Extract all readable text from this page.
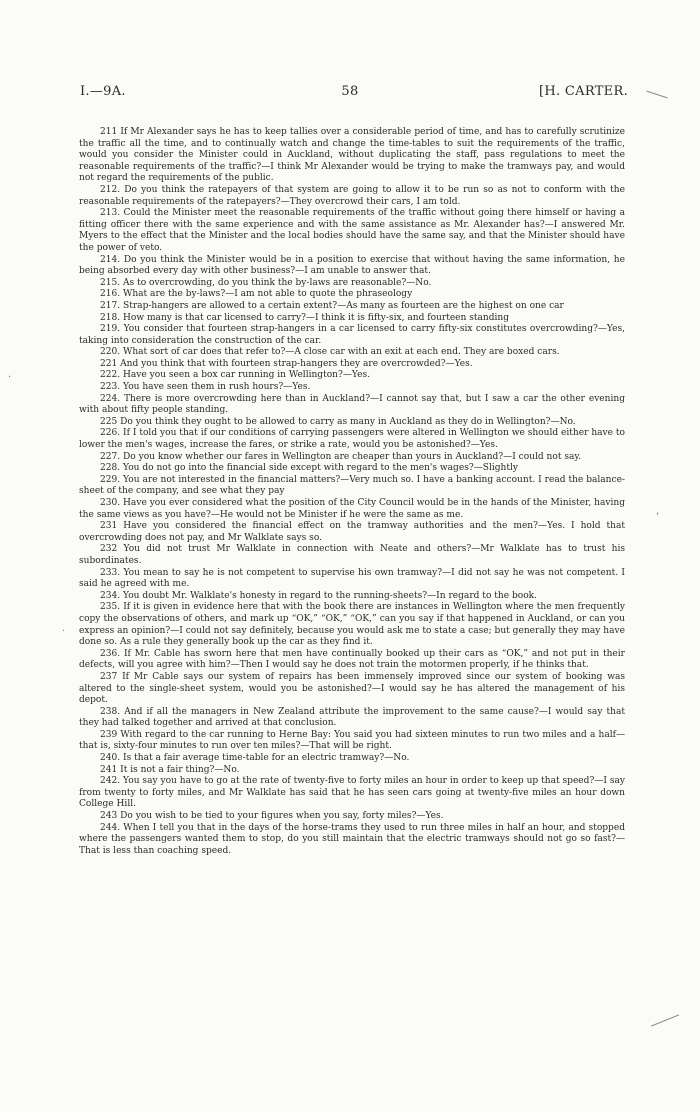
I.—9A.	58	[H. CARTER.

211 If Mr Alexander says he has to keep tallies over a considerable period of time, and has to carefully scrutinize the traffic all the time, and to continually watch and change the time-tables to suit the requirements of the traffic, would you consider the Minister could in Auckland, without duplicating the staff, pass regulations to meet the reasonable requirements of the traffic?—I think Mr Alexander would be trying to make the tramways pay, and would not regard the requirements of the public.

212. Do you think the ratepayers of that system are going to allow it to be run so as not to conform with the reasonable requirements of the ratepayers?—They overcrowd their cars, I am told.

213. Could the Minister meet the reasonable requirements of the traffic without going there himself or having a fitting officer there with the same experience and with the same assistance as Mr. Alexander has?—I answered Mr. Myers to the effect that the Minister and the local bodies should have the same say, and that the Minister should have the power of veto.

214. Do you think the Minister would be in a position to exercise that without having the same information, he being absorbed every day with other business?—I am unable to answer that.

215. As to overcrowding, do you think the by-laws are reasonable?—No.

216. What are the by-laws?—I am not able to quote the phraseology

217. Strap-hangers are allowed to a certain extent?—As many as fourteen are the highest on one car

218. How many is that car licensed to carry?—I think it is fifty-six, and fourteen standing

219. You consider that fourteen strap-hangers in a car licensed to carry fifty-six constitutes overcrowding?—Yes, taking into consideration the construction of the car.

220. What sort of car does that refer to?—A close car with an exit at each end. They are boxed cars.

221 And you think that with fourteen strap-hangers they are overcrowded?—Yes.

222. Have you seen a box car running in Wellington?—Yes.

223. You have seen them in rush hours?—Yes.

224. There is more overcrowding here than in Auckland?—I cannot say that, but I saw a car the other evening with about fifty people standing.

225 Do you think they ought to be allowed to carry as many in Auckland as they do in Wellington?—No.

226. If I told you that if our conditions of carrying passengers were altered in Wellington we should either have to lower the men's wages, increase the fares, or strike a rate, would you be astonished?—Yes.

227. Do you know whether our fares in Wellington are cheaper than yours in Auckland?—I could not say.

228. You do not go into the financial side except with regard to the men's wages?—Slightly

229. You are not interested in the financial matters?—Very much so. I have a banking account. I read the balance-sheet of the company, and see what they pay

230. Have you ever considered what the position of the City Council would be in the hands of the Minister, having the same views as you have?—He would not be Minister if he were the same as me.

231 Have you considered the financial effect on the tramway authorities and the men?—Yes. I hold that overcrowding does not pay, and Mr Walklate says so.

232 You did not trust Mr Walklate in connection with Neate and others?—Mr Walklate has to trust his subordinates.

233. You mean to say he is not competent to supervise his own tramway?—I did not say he was not competent. I said he agreed with me.

234. You doubt Mr. Walklate's honesty in regard to the running-sheets?—In regard to the book.

235. If it is given in evidence here that with the book there are instances in Wellington where the men frequently copy the observations of others, and mark up “OK,” “OK,” “OK,” can you say if that happened in Auckland, or can you express an opinion?—I could not say definitely, because you would ask me to state a case; but generally they may have done so. As a rule they generally book up the car as they find it.

236. If Mr. Cable has sworn here that men have continually booked up their cars as “OK,” and not put in their defects, will you agree with him?—Then I would say he does not train the motormen properly, if he thinks that.

237 If Mr Cable says our system of repairs has been immensely improved since our system of booking was altered to the single-sheet system, would you be astonished?—I would say he has altered the management of his depot.

238. And if all the managers in New Zealand attribute the improvement to the same cause?—I would say that they had talked together and arrived at that conclusion.

239 With regard to the car running to Herne Bay: You said you had sixteen minutes to run two miles and a half—that is, sixty-four minutes to run over ten miles?—That will be right.

240. Is that a fair average time-table for an electric tramway?—No.

241 It is not a fair thing?—No.

242. You say you have to go at the rate of twenty-five to forty miles an hour in order to keep up that speed?—I say from twenty to forty miles, and Mr Walklate has said that he has seen cars going at twenty-five miles an hour down College Hill.

243 Do you wish to be tied to your figures when you say, forty miles?—Yes.

244. When I tell you that in the days of the horse-trams they used to run three miles in half an hour, and stopped where the passengers wanted them to stop, do you still maintain that the electric tramways should not go so fast?—That is less than coaching speed.

·
,
·
